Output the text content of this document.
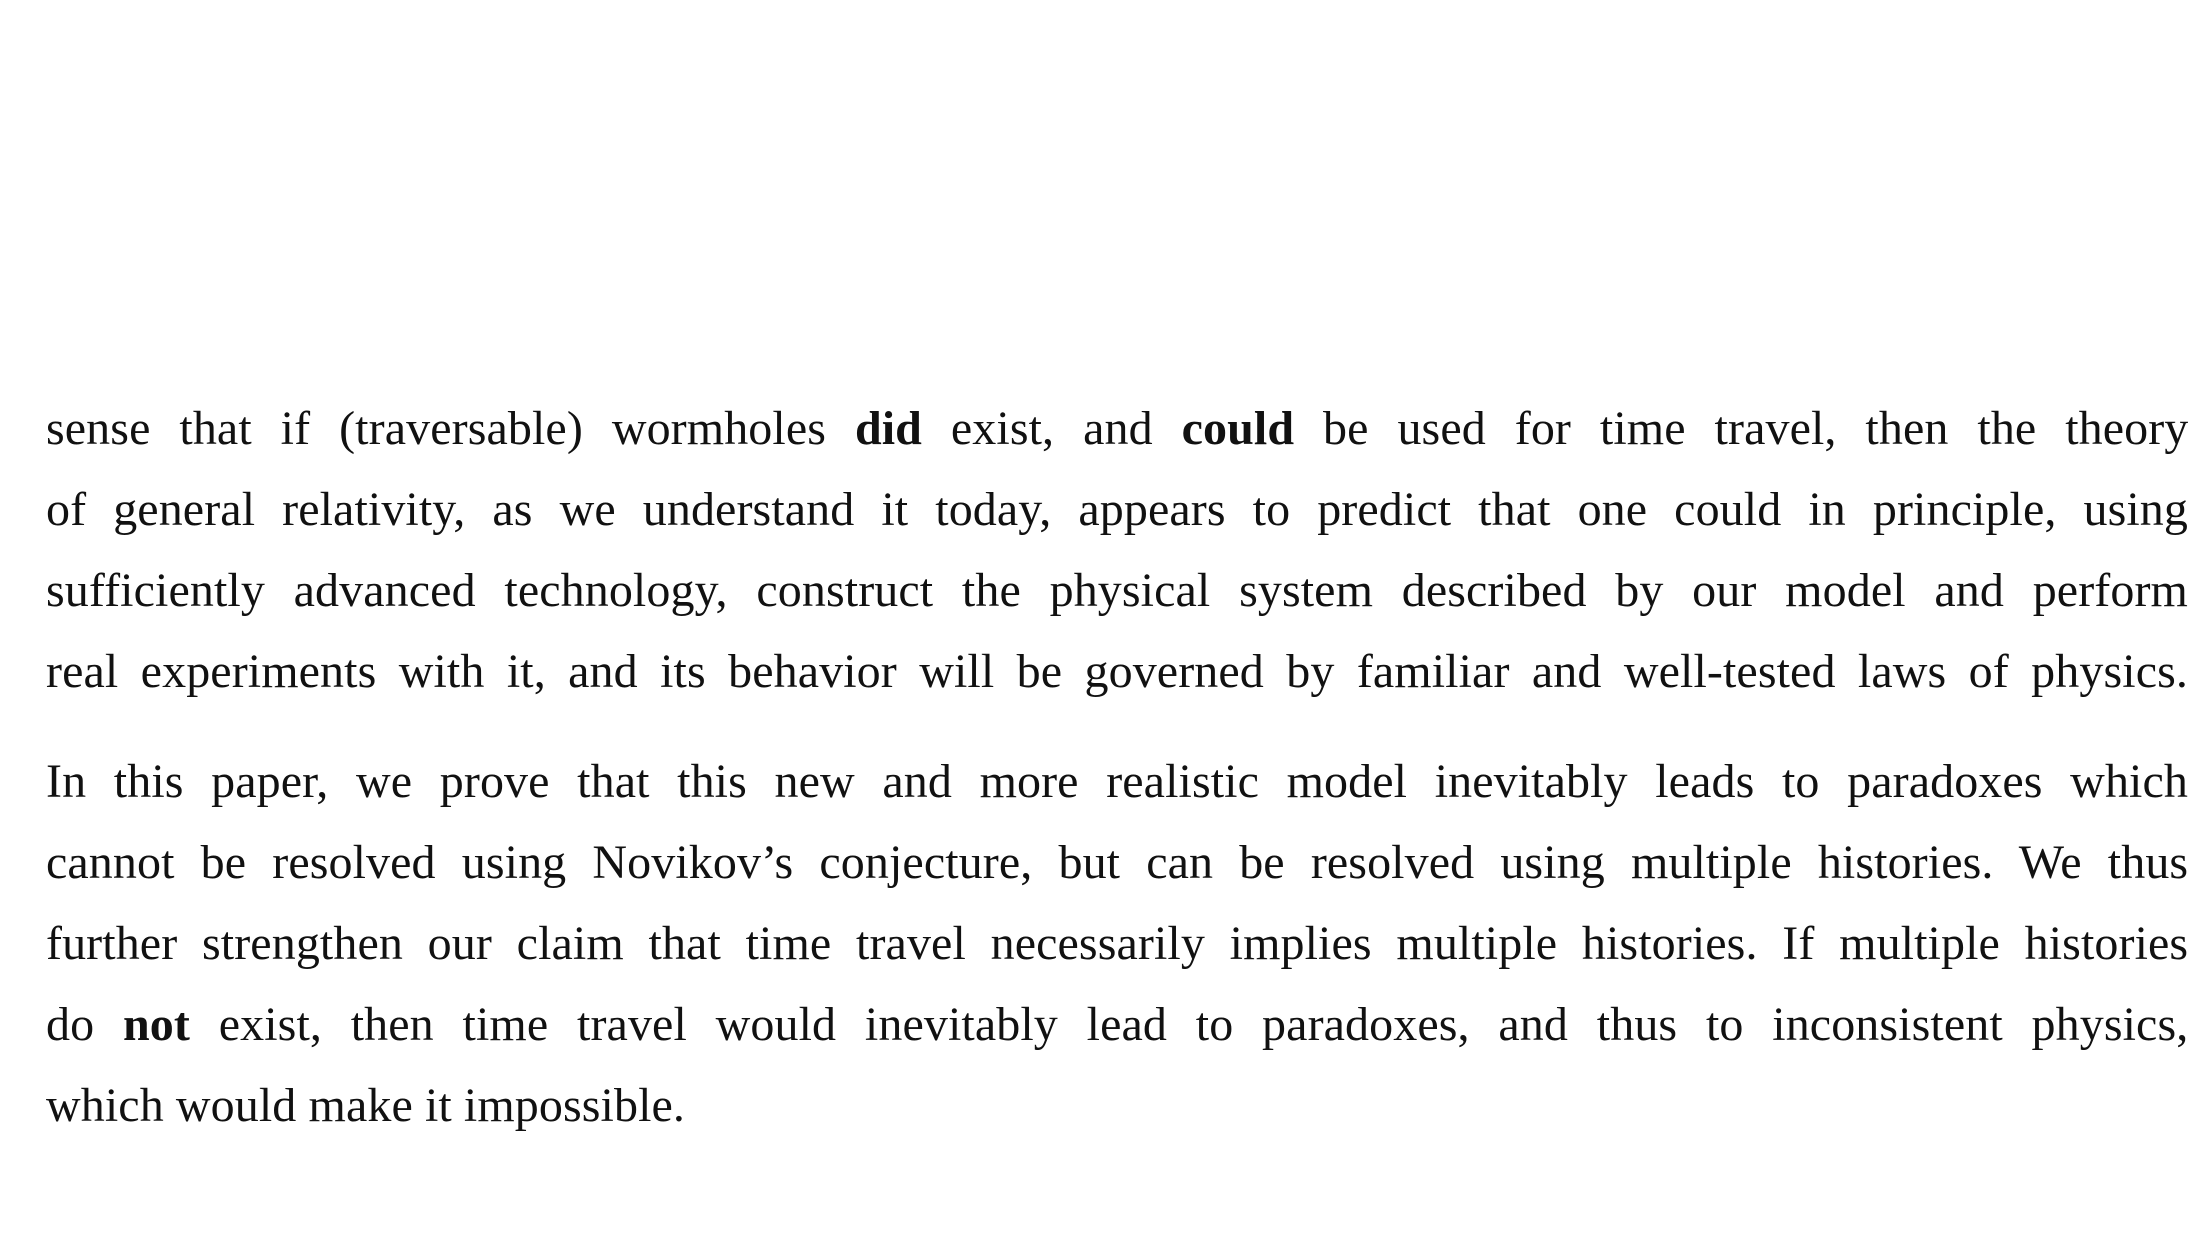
sense that if (traversable) wormholes did exist, and could be used for time travel, then the theory
of general relativity, as we understand it today, appears to predict that one could in principle, using
sufficiently advanced technology, construct the physical system described by our model and perform
real experiments with it, and its behavior will be governed by familiar and well-tested laws of physics.

In this paper, we prove that this new and more realistic model inevitably leads to paradoxes which
cannot be resolved using Novikov’s conjecture, but can be resolved using multiple histories. We thus
further strengthen our claim that time travel necessarily implies multiple histories. If multiple histories
do not exist, then time travel would inevitably lead to paradoxes, and thus to inconsistent physics,
which would make it impossible.
